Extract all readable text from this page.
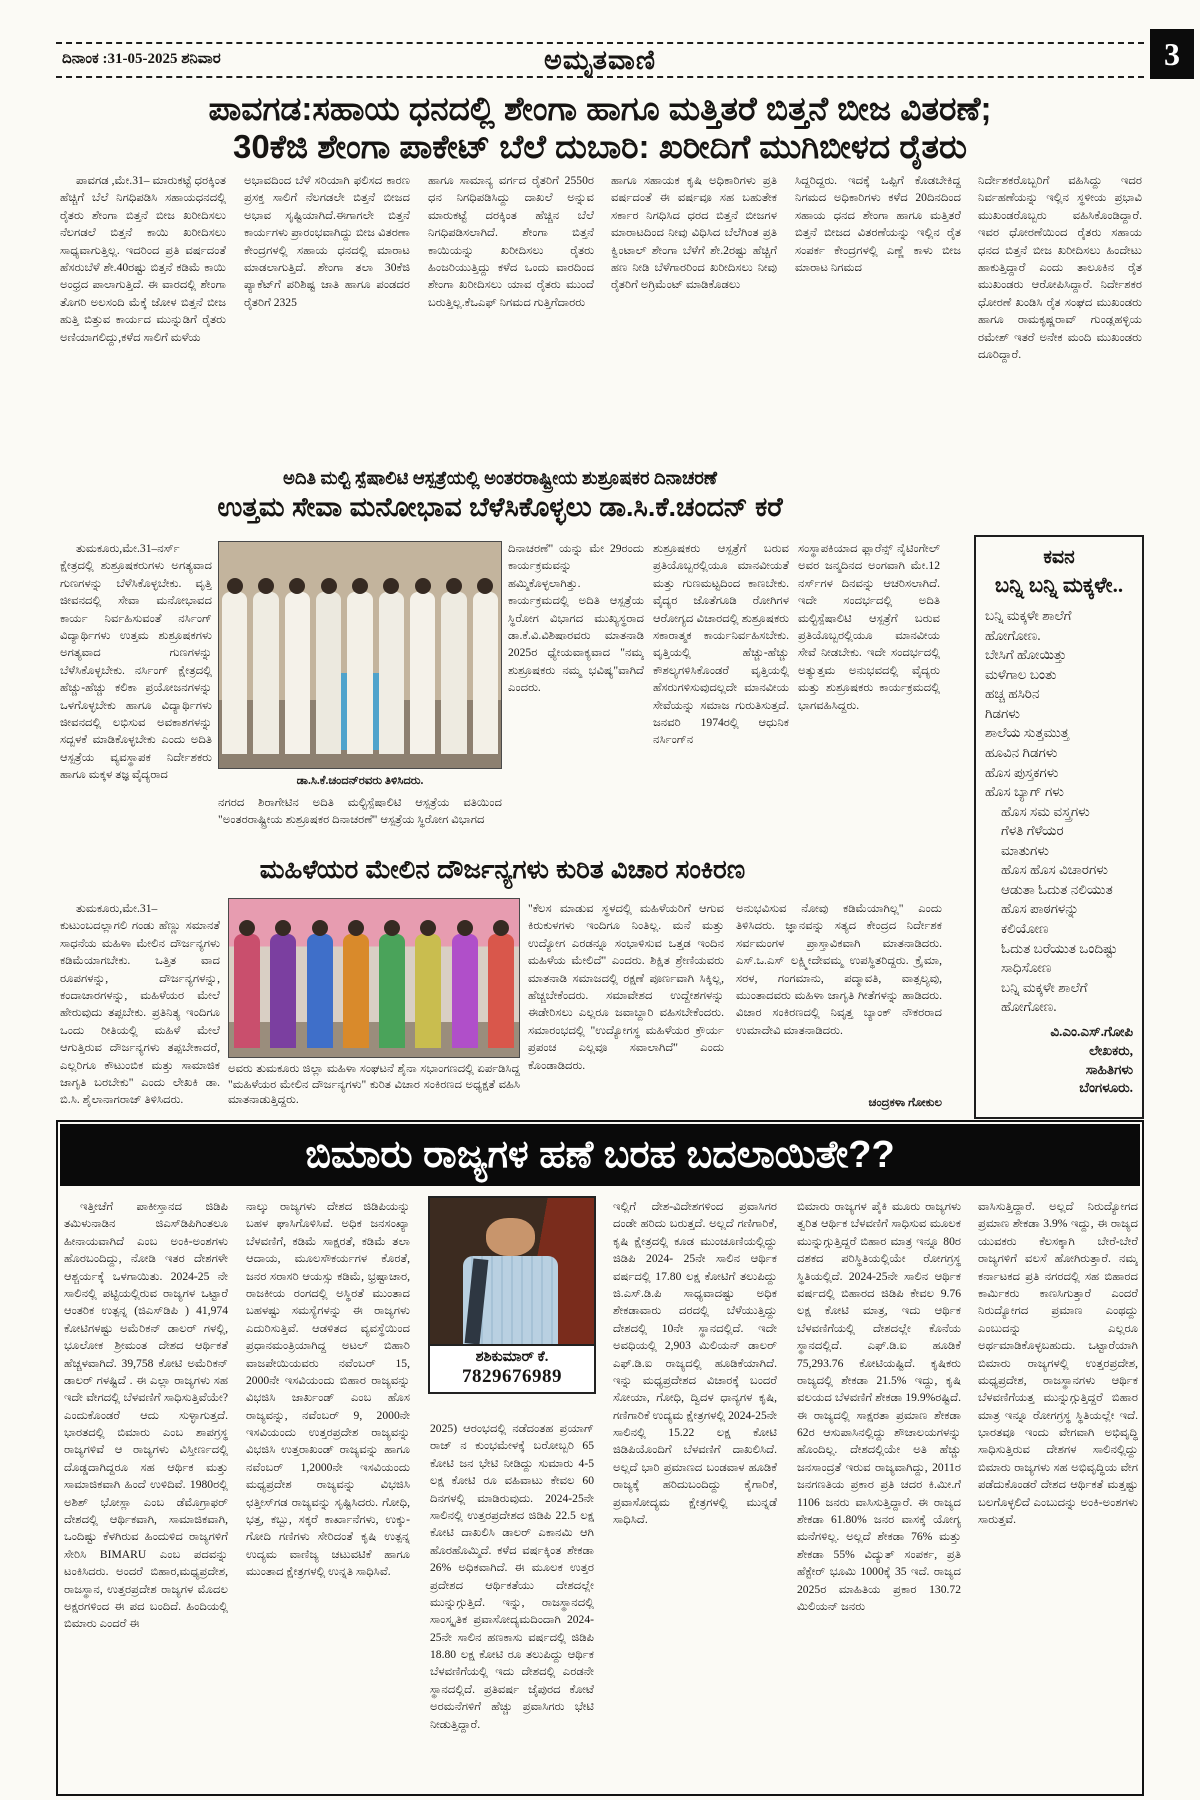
ದಿನಾಂಕ :31-05-2025 ಶನಿವಾರ	ಅಮೃತವಾಣಿ	3
ಪಾವಗಡ:ಸಹಾಯ ಧನದಲ್ಲಿ ಶೇಂಗಾ ಹಾಗೂ ಮತ್ತಿತರೆ ಬಿತ್ತನೆ ಬೀಜ ವಿತರಣೆ;
30ಕೆಜಿ ಶೇಂಗಾ ಪಾಕೇಟ್ ಬೆಲೆ ದುಬಾರಿ: ಖರೀದಿಗೆ ಮುಗಿಬೀಳದ ರೈತರು
ಪಾವಗಡ ,ಮೇ.31– ಮಾರುಕಟ್ಟೆ ಧರಕ್ಕಿಂತ ಹೆಚ್ಚಿಗೆ ಬೆಲೆ ನಿಗಧಿಪಡಿಸಿ ಸಹಾಯಧನದಲ್ಲಿ ರೈತರು ಶೇಂಗಾ ಬಿತ್ತನೆ ಬೀಜ ಖರೀದಿಸಲು ನೆಲಗಡಲೆ ಬಿತ್ತನೆ ಕಾಯಿ ಖರೀದಿಸಲು ಸಾಧ್ಯವಾಗುತ್ತಿಲ್ಲ. ಇದರಿಂದ ಪ್ರತಿ ವರ್ಷದಂತೆ ಹೆಸರುಬೆಳೆ ಶೇ.40ರಷ್ಟು ಬಿತ್ತನೆ ಕಡಿಮೆ ಕಾಯಿ ಅಂಧ್ರದ ಪಾಲಾಗುತ್ತಿದೆ. ಈ ವಾರದಲ್ಲಿ ಶೇಂಗಾ ತೊಗರಿ ಅಲಸಂದಿ ಮೆಕ್ಕೆ ಜೋಳ ಬಿತ್ತನೆ ಬೀಜ ಹುತ್ತಿ ಬಿತ್ತುವ ಕಾರ್ಯದ ಮುನ್ನುಡಿಗೆ ರೈತರು ಅಣಿಯಾಗಲಿದ್ದು,ಕಳೆದ ಸಾಲಿಗೆ ಮಳೆಯ
ಅಭಾವದಿಂದ ಬೆಳೆ ಸರಿಯಾಗಿ ಫಲಿಸದ ಕಾರಣ ಪ್ರಸಕ್ತ ಸಾಲಿಗೆ ನೆಲಗಡಲೇ ಬಿತ್ತನೆ ಬೀಜದ ಅಭಾವ ಸೃಷ್ಟಿಯಾಗಿದೆ.ಈಗಾಗಲೇ ಬಿತ್ತನೆ ಕಾರ್ಯಗಳು ಪ್ರಾರಂಭವಾಗಿದ್ದು ಬೀಜ ವಿತರಣಾ ಕೇಂದ್ರಗಳಲ್ಲಿ ಸಹಾಯ ಧನದಲ್ಲಿ ಮಾರಾಟ ಮಾಡಲಾಗುತ್ತಿದೆ. ಶೇಂಗಾ ತಲಾ 30ಕೆಜಿ ಪ್ಯಾಕೆಟ್‌ಗೆ ಪರಿಶಿಷ್ಟ ಜಾತಿ ಹಾಗೂ ಪಂಡದರ ರೈತರಿಗೆ 2325
ಹಾಗೂ ಸಾಮಾನ್ಯ ವರ್ಗದ ರೈತರಿಗೆ 2550ರ ಧನ ನಿಗಧಿಪಡಿಸಿದ್ದು ದಾಖಲೆ ಅನ್ನುವ ಮಾರುಕಟ್ಟೆ ದರಕ್ಕಿಂತ ಹೆಚ್ಚಿನ ಬೆಲೆ ನಿಗಧಿಪಡಿಸಲಾಗಿದೆ. ಶೇಂಗಾ ಬಿತ್ತನೆ ಕಾಯಿಯನ್ನು ಖರೀದಿಸಲು ರೈತರು ಹಿಂಜರಿಯುತ್ತಿದ್ದು ಕಳೆದ ಒಂದು ವಾರದಿಂದ ಶೇಂಗಾ ಖರೀದಿಸಲು ಯಾವ ರೈತರು ಮುಂದೆ ಬರುತ್ತಿಲ್ಲ.ಕೆಒಎಫ್ ನಿಗಮದ ಗುತ್ತಿಗೆದಾರರು
ಹಾಗೂ ಸಹಾಯಕ ಕೃಷಿ ಅಧಿಕಾರಿಗಳು ಪ್ರತಿ ವರ್ಷದಂತೆ ಈ ವರ್ಷವೂ ಸಹ ಬಹುತೇಕ ಸರ್ಕಾರ ನಿಗಧಿಸಿದ ಧರದ ಬಿತ್ತನೆ ಬೀಜಗಳ ಮಾರಾಟದಿಂದ ನೀವು ವಿಧಿಸಿದ ಬೆಲೆಗಿಂತ ಪ್ರತಿ ಕ್ವಿಂಟಾಲ್ ಶೇಂಗಾ ಬೆಳೆಗೆ ಶೇ.2ರಷ್ಟು ಹೆಚ್ಚಿಗೆ ಹಣ ನೀಡಿ ಬೆಳೆಗಾರರಿಂದ ಖರೀದಿಸಲು ನೀವು ರೈತರಿಗೆ ಅಗ್ರಿಮೆಂಟ್ ಮಾಡಿಕೊಡಲು
ಸಿದ್ದರಿದ್ದರು. ಇದಕ್ಕೆ ಒಪ್ಪಿಗೆ ಕೊಡಬೇಕಿದ್ದ ನಿಗಮದ ಅಧಿಕಾರಿಗಳು ಕಳೆದ 20ದಿನದಿಂದ ಸಹಾಯ ಧನದ ಶೇಂಗಾ ಹಾಗೂ ಮತ್ತಿತರೆ ಬಿತ್ತನೆ ಬೀಜದ ವಿತರಣೆಯನ್ನು ಇಲ್ಲಿನ ರೈತ ಸಂಪರ್ಕ ಕೇಂದ್ರಗಳಲ್ಲಿ ಎಣ್ಣೆ ಕಾಳು ಬೀಜ ಮಾರಾಟ ನಿಗಮದ
ನಿರ್ದೇಶಕರೊಬ್ಬರಿಗೆ ವಹಿಸಿದ್ದು ಇದರ ನಿರ್ವಹಣೆಯನ್ನು ಇಲ್ಲಿನ ಸ್ಥಳೀಯ ಪ್ರಭಾವಿ ಮುಖಂಡರೊಬ್ಬರು ವಹಿಸಿಕೊಂಡಿದ್ದಾರೆ. ಇವರ ಧೋರಣೆಯಿಂದ ರೈತರು ಸಹಾಯ ಧನದ ಬಿತ್ತನೆ ಬೀಜ ಖರೀದಿಸಲು ಹಿಂದೇಟು ಹಾಕುತ್ತಿದ್ದಾರೆ ಎಂದು ತಾಲೂಕಿನ ರೈತ ಮುಖಂಡರು ಆರೋಪಿಸಿದ್ದಾರೆ. ನಿರ್ದೇಶಕರ ಧೋರಣೆ ಖಂಡಿಸಿ ರೈತ ಸಂಘದ ಮುಖಂಡರು ಹಾಗೂ ರಾಮಕೃಷ್ಣರಾವ್ ಗುಂಡ್ಲಹಳ್ಳಿಯ ರಮೇಶ್ ಇತರೆ ಅನೇಕ ಮಂದಿ ಮುಖಂಡರು ದೂರಿದ್ದಾರೆ.
ಅದಿತಿ ಮಲ್ಟಿ ಸ್ಪೆಷಾಲಿಟಿ ಆಸ್ಪತ್ರೆಯಲ್ಲಿ ಅಂತರರಾಷ್ಟ್ರೀಯ ಶುಶ್ರೂಷಕರ ದಿನಾಚರಣೆ
ಉತ್ತಮ ಸೇವಾ ಮನೋಭಾವ ಬೆಳೆಸಿಕೊಳ್ಳಲು ಡಾ.ಸಿ.ಕೆ.ಚಂದನ್ ಕರೆ
ತುಮಕೂರು,ಮೇ.31–ನರ್ಸ್ ಕ್ಷೇತ್ರದಲ್ಲಿ ಶುಶ್ರೂಷಕರುಗಳು ಅಗತ್ಯವಾದ ಗುಣಗಳನ್ನು ಬೆಳೆಸಿಕೊಳ್ಳಬೇಕು. ವೃತ್ತಿ ಜೀವನದಲ್ಲಿ ಸೇವಾ ಮನೋಭಾವದ ಕಾರ್ಯ ನಿರ್ವಹಿಸುವಂತೆ ನರ್ಸಿಂಗ್ ವಿದ್ಯಾರ್ಥಿಗಳು ಉತ್ತಮ ಶುಶ್ರೂಷಕಗಳು ಅಗತ್ಯವಾದ ಗುಣಗಳನ್ನು ಬೆಳೆಸಿಕೊಳ್ಳಬೇಕು. ನರ್ಸಿಂಗ್ ಕ್ಷೇತ್ರದಲ್ಲಿ ಹೆಚ್ಚು-ಹೆಚ್ಚು ಕಲಿಕಾ ಪ್ರಯೋಜನಗಳನ್ನು ಒಳಗೊಳ್ಳಬೇಕು ಹಾಗೂ ವಿದ್ಯಾರ್ಥಿಗಳು ಜೀವನದಲ್ಲಿ ಲಭಿಸುವ ಅವಕಾಶಗಳನ್ನು ಸದ್ಬಳಕೆ ಮಾಡಿಕೊಳ್ಳಬೇಕು ಎಂದು ಅದಿತಿ ಆಸ್ಪತ್ರೆಯ ವ್ಯವಸ್ಥಾಪಕ ನಿರ್ದೇಶಕರು ಹಾಗೂ ಮಕ್ಕಳ ತಜ್ಞ ವೈದ್ಯರಾದ	ಡಾ.ಸಿ.ಕೆ.ಚಂದನ್‌ರವರು ತಿಳಿಸಿದರು.
ನಗರದ ಶಿರಾಗೇಟಿನ ಅದಿತಿ ಮಲ್ಟಿಸ್ಪೆಷಾಲಿಟಿ ಆಸ್ಪತ್ರೆಯ ವತಿಯಿಂದ "ಅಂತರರಾಷ್ಟ್ರೀಯ ಶುಶ್ರೂಷಕರ ದಿನಾಚರಣೆ" ಆಸ್ಪತ್ರೆಯ ಸ್ಥಿರೋಗ ವಿಭಾಗದ
ದಿನಾಚರಣೆ" ಯನ್ನು ಮೇ 29ರಂದು ಕಾರ್ಯಕ್ರಮವನ್ನು ಹಮ್ಮಿಕೊಳ್ಳಲಾಗಿತ್ತು. ಕಾರ್ಯಕ್ರಮದಲ್ಲಿ ಅದಿತಿ ಆಸ್ಪತ್ರೆಯ ಸ್ಥಿರೋಗ ವಿಭಾಗದ ಮುಖ್ಯಸ್ಥರಾದ ಡಾ.ಕೆ.ವಿ.ವಿಶಿಷಾರವರು ಮಾತನಾಡಿ 2025ರ ಧ್ಯೇಯವಾಕ್ಯವಾದ "ನಮ್ಮ ಶುಶ್ರೂಷಕರು ನಮ್ಮ ಭವಿಷ್ಯ"ವಾಗಿದೆ ಎಂದರು.
ಶುಶ್ರೂಷಕರು ಆಸ್ಪತ್ರೆಗೆ ಬರುವ ಪ್ರತಿಯೊಬ್ಬರಲ್ಲಿಯೂ ಮಾನವೀಯತೆ ಮತ್ತು ಗುಣಮಟ್ಟದಿಂದ ಕಾಣಬೇಕು. ವೈದ್ಯರ ಜೊತೆಗೂಡಿ ರೋಗಿಗಳ ಆರೋಗ್ಯದ ವಿಚಾರದಲ್ಲಿ ಶುಶ್ರೂಷಕರು ಸಕಾರಾತ್ಮಕ ಕಾರ್ಯನಿರ್ವಹಿಸಬೇಕು. ವೃತ್ತಿಯಲ್ಲಿ ಹೆಚ್ಚು-ಹೆಚ್ಚು ಕೌಶಲ್ಯಗಳಿಸಿಕೊಂಡರೆ ವೃತ್ತಿಯಲ್ಲಿ ಹೆಸರುಗಳಿಸುವುದಲ್ಲದೇ ಮಾನವೀಯ ಸೇವೆಯನ್ನು ಸಮಾಜ ಗುರುತಿಸುತ್ತದೆ. ಜನವರಿ 1974ರಲ್ಲಿ ಆಧುನಿಕ ನರ್ಸಿಂಗ್‌ನ
ಸಂಸ್ಥಾಪಕಿಯಾದ ಫ್ಲಾರೆನ್ಸ್ ನೈಟಿಂಗೇಲ್ ಅವರ ಜನ್ಮದಿನದ ಅಂಗವಾಗಿ ಮೇ.12 ನರ್ಸ್‌ಗಳ ದಿನವನ್ನು ಆಚರಿಸಲಾಗಿದೆ. ಇದೇ ಸಂದರ್ಭದಲ್ಲಿ ಅದಿತಿ ಮಲ್ಟಿಸ್ಪೆಷಾಲಿಟಿ ಆಸ್ಪತ್ರೆಗೆ ಬರುವ ಪ್ರತಿಯೊಬ್ಬರಲ್ಲಿಯೂ ಮಾನವೀಯ ಸೇವೆ ನೀಡಬೇಕು. ಇದೇ ಸಂದರ್ಭದಲ್ಲಿ ಅತ್ಯುತ್ತಮ ಅನುಭವದಲ್ಲಿ ವೈದ್ಯರು ಮತ್ತು ಶುಶ್ರೂಷಕರು ಕಾರ್ಯಕ್ರಮದಲ್ಲಿ ಭಾಗವಹಿಸಿದ್ದರು.
ಕವನ
ಬನ್ನಿ ಬನ್ನಿ ಮಕ್ಕಳೇ..
ಬನ್ನಿ ಮಕ್ಕಳೇ ಶಾಲೆಗೆ
ಹೋಗೋಣ.
ಬೇಸಿಗೆ ಹೋಯಿತ್ತು
ಮಳೆಗಾಲ ಬಂತು
ಹಚ್ಚ ಹಸಿರಿನ
ಗಿಡಗಳು
ಶಾಲೆಯ ಸುತ್ತಮುತ್ತ
ಹೂವಿನ ಗಿಡಗಳು
ಹೊಸ ಪುಸ್ತಕಗಳು
ಹೊಸ ಬ್ಯಾಗ್ ಗಳು
ಹೊಸ ಸಮ ವಸ್ತ್ರಗಳು
ಗೆಳತಿ ಗೆಳೆಯರ
ಮಾತುಗಳು
ಹೊಸ ಹೊಸ ವಿಚಾರಗಳು
ಆಡುತಾ ಓದುತ ನಲಿಯುತ
ಹೊಸ ಪಾಠಗಳನ್ನು
ಕಲಿಯೋಣ
ಓದುತ ಬರೆಯುತ ಒಂದಿಷ್ಟು
ಸಾಧಿಸೋಣ
ಬನ್ನಿ ಮಕ್ಕಳೇ ಶಾಲೆಗೆ
ಹೋಗೋಣ.
ವಿ.ಎಂ.ಎಸ್.ಗೋಪಿ
ಲೇಖಕರು,
ಸಾಹಿತಿಗಳು
ಬೆಂಗಳೂರು.
ಮಹಿಳೆಯರ ಮೇಲಿನ ದೌರ್ಜನ್ಯಗಳು ಕುರಿತ ವಿಚಾರ ಸಂಕಿರಣ
ತುಮಕೂರು,ಮೇ.31– ಕುಟುಂಬದಲ್ಲಾಗಲಿ ಗಂಡು ಹೆಣ್ಣು ಸಮಾನತೆ ಸಾಧನೆಯ ಮಹಿಳಾ ಮೇಲಿನ ದೌರ್ಜನ್ಯಗಳು ಕಡಿಮೆಯಾಗಬೇಕು. ಒತ್ತಿತ ವಾದ ರೂಪಗಳನ್ನು, ದೌರ್ಜನ್ಯಗಳನ್ನು, ಕಂದಾಚಾರಗಳನ್ನು, ಮಹಿಳೆಯರ ಮೇಲೆ ಹೇರುವುದು ತಪ್ಪಬೇಕು. ಪ್ರತಿನಿತ್ಯ ಇಂದಿಗೂ ಒಂದು ರೀತಿಯಲ್ಲಿ ಮಹಿಳೆ ಮೇಲೆ ಆಗುತ್ತಿರುವ ದೌರ್ಜನ್ಯಗಳು ತಪ್ಪಬೇಕಾದರೆ, ಎಲ್ಲರಿಗೂ ಕೌಟುಂಬಿಕ ಮತ್ತು ಸಾಮಾಜಿಕ ಜಾಗೃತಿ ಬರಬೇಕು" ಎಂದು ಲೇಖಕಿ ಡಾ. ಬಿ.ಸಿ. ಶೈಲಾನಾಗರಾಜ್ ತಿಳಿಸಿದರು.
ಅವರು ತುಮಕೂರು ಜಿಲ್ಲಾ ಮಹಿಳಾ ಸಂಘಟನೆ ಶೈನಾ ಸಭಾಂಗಣದಲ್ಲಿ ಏರ್ಪಡಿಸಿದ್ದ "ಮಹಿಳೆಯರ ಮೇಲಿನ ದೌರ್ಜನ್ಯಗಳು" ಕುರಿತ ವಿಚಾರ ಸಂಕಿರಣದ ಅಧ್ಯಕ್ಷತೆ ವಹಿಸಿ ಮಾತನಾಡುತ್ತಿದ್ದರು.
"ಕೆಲಸ ಮಾಡುವ ಸ್ಥಳದಲ್ಲಿ ಮಹಿಳೆಯರಿಗೆ ಆಗುವ ಕಿರುಕುಳಗಳು ಇಂದಿಗೂ ನಿಂತಿಲ್ಲ. ಮನೆ ಮತ್ತು ಉದ್ಯೋಗ ಎರಡನ್ನೂ ಸಂಭಾಳಿಸುವ ಒತ್ತಡ ಇಂದಿನ ಮಹಿಳೆಯ ಮೇಲಿದೆ" ಎಂದರು. ಶಿಕ್ಷಿತ ಶ್ರೇಣಿಯವರು ಮಾತನಾಡಿ ಸಮಾಜದಲ್ಲಿ ರಕ್ಷಣೆ ಪೂರ್ಣವಾಗಿ ಸಿಕ್ಕಿಲ್ಲ, ಹೆಚ್ಚಬೇಕೆಂದರು. ಸಮಾವೇಶದ ಉದ್ದೇಶಗಳನ್ನು ಈಡೇರಿಸಲು ಎಲ್ಲರೂ ಜವಾಬ್ದಾರಿ ವಹಿಸಬೇಕೆಂದರು. ಸಮಾರಂಭದಲ್ಲಿ "ಉದ್ಯೋಗಸ್ಥ ಮಹಿಳೆಯರ ಕ್ರೌರ್ಯ ಪ್ರಪಂಚ ಎಲ್ಲವೂ ಸವಾಲಾಗಿದೆ" ಎಂದು ಕೊಂಡಾಡಿದರು.
ಅನುಭವಿಸುವ ನೋವು ಕಡಿಮೆಯಾಗಿಲ್ಲ" ಎಂದು ತಿಳಿಸಿದರು. ಜ್ಞಾನವನ್ನು ಸತ್ಯದ ಕೇಂದ್ರದ ನಿರ್ದೇಶಕ ಸರ್ವಮಂಗಳ ಪ್ರಾಸ್ತಾವಿಕವಾಗಿ ಮಾತನಾಡಿದರು. ಎಸ್.ಒ.ಎಸ್ ಲಕ್ಷ್ಮೀದೇವಮ್ಮ ಉಪಸ್ಥಿತರಿದ್ದರು. ಕ್ರೈಮಾ, ಸರಳ, ಗಂಗಮಾನು, ಪದ್ಮಾವತಿ, ವಾತ್ಸಲ್ಯವು, ಮುಂತಾದವರು ಮಹಿಳಾ ಜಾಗೃತಿ ಗೀತೆಗಳನ್ನು ಹಾಡಿದರು. ವಿಚಾರ ಸಂಕಿರಣದಲ್ಲಿ ನಿವೃತ್ತ ಬ್ಯಾಂಕ್ ನೌಕರರಾದ ಉಮಾದೇವಿ ಮಾತನಾಡಿದರು.
ಚಂದ್ರಕಳಾ ಗೋಕುಲ
ಬಿಮಾರು ರಾಜ್ಯಗಳ ಹಣೆ ಬರಹ ಬದಲಾಯಿತೇ??
ಇತ್ತೀಚೆಗೆ ಪಾಕೀಸ್ತಾನದ ಜಿಡಿಪಿ ತಮಿಳುನಾಡಿನ ಜಿಎಸ್‌ಡಿಪಿಗಿಂತಲೂ ಹೀನಾಯವಾಗಿದೆ ಎಂಬ ಅಂಕಿ-ಅಂಶಗಳು ಹೊರಬಂದಿದ್ದು, ನೋಡಿ ಇತರ ದೇಶಗಳೇ ಆಶ್ಚರ್ಯಕ್ಕೆ ಒಳಗಾಯಿತು. 2024-25 ನೇ ಸಾಲಿನಲ್ಲಿ ಪಟ್ಟಿಯಲ್ಲಿರುವ ರಾಜ್ಯಗಳ ಒಟ್ಟಾರೆ ಆಂತರಿಕ ಉತ್ಪನ್ನ (ಜಿಎಸ್‌ಡಿಪಿ ) 41,974 ಕೋಟಿಗಳಷ್ಟು ಅಮೆರಿಕನ್ ಡಾಲರ್ ಗಳಲ್ಲಿ, ಭೂಲೋಕ ಶ್ರೀಮಂತ ದೇಶದ ಆರ್ಥಿಕತೆ ಹೆಚ್ಚಳವಾಗಿದೆ. 39,758 ಕೋಟಿ ಅಮೆರಿಕನ್ ಡಾಲರ್ ಗಳಷ್ಟಿದೆ . ಈ ಎಲ್ಲಾ ರಾಜ್ಯಗಳು ಸಹ ಇದೇ ವೇಗದಲ್ಲಿ ಬೆಳವಣಿಗೆ ಸಾಧಿಸುತ್ತಿವೆಯೇ? ಎಂದುಕೊಂಡರೆ ಆದು ಸುಳ್ಳಾಗುತ್ತದೆ. ಭಾರತದಲ್ಲಿ ಬಿಮಾರು ಎಂಬ ಶಾಪಗ್ರಸ್ಥ ರಾಜ್ಯಗಳಿವೆ ಆ ರಾಜ್ಯಗಳು ವಿಸ್ತೀರ್ಣದಲ್ಲಿ ದೊಡ್ಡದಾಗಿದ್ದರೂ ಸಹ ಆರ್ಥಿಕ ಮತ್ತು ಸಾಮಾಜಿಕವಾಗಿ ಹಿಂದೆ ಉಳಿದಿವೆ. 1980ರಲ್ಲಿ ಅಶಿಶ್ ಭೋಸ್ಲಾ ಎಂಬ ಡೆಮೊಗ್ರಾಫರ್ ದೇಶದಲ್ಲಿ ಆರ್ಥಿಕವಾಗಿ, ಸಾಮಾಜಿಕವಾಗಿ, ಒಂದಿಷ್ಟು ಕೆಳಗಿರುವ ಹಿಂದುಳಿದ ರಾಜ್ಯಗಳಿಗೆ ಸೇರಿಸಿ BIMARU ಎಂಬ ಪದವನ್ನು ಟಂಕಿಸಿದರು. ಅಂದರೆ ಬಿಹಾರ,ಮಧ್ಯಪ್ರದೇಶ, ರಾಜಸ್ಥಾನ, ಉತ್ತರಪ್ರದೇಶ ರಾಜ್ಯಗಳ ಮೊದಲ ಅಕ್ಷರಗಳಿಂದ ಈ ಪದ ಬಂದಿದೆ. ಹಿಂದಿಯಲ್ಲಿ ಬಿಮಾರು ಎಂದರೆ ಈ
ನಾಲ್ಕು ರಾಜ್ಯಗಳು ದೇಶದ ಜಿಡಿಪಿಯನ್ನು ಬಹಳ ಘಾಸಿಗೊಳಿಸಿವೆ. ಅಧಿಕ ಜನಸಂಖ್ಯಾ ಬೆಳವಣಿಗೆ, ಕಡಿಮೆ ಸಾಕ್ಷರತೆ, ಕಡಿಮೆ ತಲಾ ಆದಾಯ, ಮೂಲಸೌಕರ್ಯಗಳ ಕೊರತೆ, ಜನರ ಸರಾಸರಿ ಆಯಸ್ಸು ಕಡಿಮೆ, ಭ್ರಷ್ಟಾಚಾರ, ರಾಜಕೀಯ ರಂಗದಲ್ಲಿ ಅಸ್ಥಿರತೆ ಮುಂತಾದ ಬಹಳಷ್ಟು ಸಮಸ್ಯೆಗಳನ್ನು ಈ ರಾಜ್ಯಗಳು ಎದುರಿಸುತ್ತಿವೆ. ಆಡಳಿತದ ವ್ಯವಸ್ಥೆಯಿಂದ ಪ್ರಧಾನಮಂತ್ರಿಯಾಗಿದ್ದ ಅಟಲ್ ಬಿಹಾರಿ ವಾಜಪೇಯಿಯವರು ನವೆಂಬರ್ 15, 2000ನೇ ಇಸವಿಯಂದು ಬಿಹಾರ ರಾಜ್ಯವನ್ನು ವಿಭಜಿಸಿ ಜಾರ್ಖಂಡ್ ಎಂಬ ಹೊಸ ರಾಜ್ಯವನ್ನು, ನವೆಂಬರ್ 9, 2000ನೇ ಇಸವಿಯಂದು ಉತ್ತರಪ್ರದೇಶ ರಾಜ್ಯವನ್ನು ವಿಭಜಿಸಿ ಉತ್ತರಾಖಂಡ್ ರಾಜ್ಯವನ್ನು ಹಾಗೂ ನವೆಂಬರ್ 1,2000ನೇ ಇಸವಿಯಂದು ಮಧ್ಯಪ್ರದೇಶ ರಾಜ್ಯವನ್ನು ವಿಭಜಿಸಿ ಛತ್ತೀಸ್‌ಗಡ ರಾಜ್ಯವನ್ನು ಸೃಷ್ಟಿಸಿದರು. ಗೋಧಿ, ಭತ್ತ, ಕಬ್ಬು, ಸಕ್ಕರೆ ಕಾರ್ಖಾನೆಗಳು, ಉಕ್ಕು-ಗೋದಿ ಗಣಿಗಳು ಸೇರಿದಂತೆ ಕೃಷಿ ಉತ್ಪನ್ನ ಉದ್ಯಮ ವಾಣಿಜ್ಯ ಚಟುವಟಿಕೆ ಹಾಗೂ ಮುಂತಾದ ಕ್ಷೇತ್ರಗಳಲ್ಲಿ ಉನ್ನತಿ ಸಾಧಿಸಿವೆ.
ಶಶಿಕುಮಾರ್ ಕೆ.
7829676989
2025) ಆರಂಭದಲ್ಲಿ ನಡೆದಂತಹ ಪ್ರಯಾಗ್ ರಾಜ್ ನ ಕುಂಭಮೇಳಕ್ಕೆ ಬರೋಬ್ಬರಿ 65 ಕೋಟಿ ಜನ ಭೇಟಿ ನೀಡಿದ್ದು ಸುಮಾರು 4-5 ಲಕ್ಷ ಕೋಟಿ ರೂ ವಹಿವಾಟು ಕೇವಲ 60 ದಿನಗಳಲ್ಲಿ ಮಾಡಿರುವುದು. 2024-25ನೇ ಸಾಲಿನಲ್ಲಿ ಉತ್ತರಪ್ರದೇಶದ ಜಿಡಿಪಿ 22.5 ಲಕ್ಷ ಕೋಟಿ ದಾಖಲಿಸಿ ಡಾಲರ್ ಎಕಾನಮಿ ಆಗಿ ಹೊರಹೊಮ್ಮಿದೆ. ಕಳೆದ ವರ್ಷಕ್ಕಿಂತ ಶೇಕಡಾ 26% ಅಧಿಕವಾಗಿದೆ. ಈ ಮೂಲಕ ಉತ್ತರ ಪ್ರದೇಶದ ಆರ್ಥಿಕತೆಯು ದೇಶದಲ್ಲೇ ಮುನ್ನುಗ್ಗುತ್ತಿದೆ. ಇನ್ನು, ರಾಜಸ್ಥಾನದಲ್ಲಿ ಸಾಂಸ್ಕೃತಿಕ ಪ್ರವಾಸೋದ್ಯಮದಿಂದಾಗಿ 2024-25ನೇ ಸಾಲಿನ ಹಣಕಾಸು ವರ್ಷದಲ್ಲಿ ಜಿಡಿಪಿ 18.80 ಲಕ್ಷ ಕೋಟಿ ರೂ ತಲುಪಿದ್ದು ಆರ್ಥಿಕ ಬೆಳವಣಿಗೆಯಲ್ಲಿ ಇದು ದೇಶದಲ್ಲಿ ಎರಡನೇ ಸ್ಥಾನದಲ್ಲಿದೆ. ಪ್ರತಿವರ್ಷ ಜೈಪುರದ ಕೋಟೆ ಅರಮನೆಗಳಿಗೆ ಹೆಚ್ಚು ಪ್ರವಾಸಿಗರು ಭೇಟಿ ನೀಡುತ್ತಿದ್ದಾರೆ.
ಇಲ್ಲಿಗೆ ದೇಶ-ವಿದೇಶಗಳಿಂದ ಪ್ರವಾಸಿಗರ ದಂಡೇ ಹರಿದು ಬರುತ್ತದೆ. ಅಲ್ಲದೆ ಗಣಿಗಾರಿಕೆ, ಕೃಷಿ ಕ್ಷೇತ್ರದಲ್ಲಿ ಕೂಡ ಮುಂಚೂಣಿಯಲ್ಲಿದ್ದು ಜಿಡಿಪಿ 2024- 25ನೇ ಸಾಲಿನ ಆರ್ಥಿಕ ವರ್ಷದಲ್ಲಿ 17.80 ಲಕ್ಷ ಕೋಟಿಗೆ ತಲುಪಿದ್ದು ಜಿ.ಎಸ್.ಡಿ.ಪಿ ಸಾಧ್ಯವಾದಷ್ಟು ಅಧಿಕ ಶೇಕಡಾವಾರು ದರದಲ್ಲಿ ಬೆಳೆಯುತ್ತಿದ್ದು ದೇಶದಲ್ಲಿ 10ನೇ ಸ್ಥಾನದಲ್ಲಿದೆ. ಇದೇ ಅವಧಿಯಲ್ಲಿ 2,903 ಮಿಲಿಯನ್ ಡಾಲರ್ ಎಫ್.ಡಿ.ಐ ರಾಜ್ಯದಲ್ಲಿ ಹೂಡಿಕೆಯಾಗಿದೆ. ಇನ್ನು ಮಧ್ಯಪ್ರದೇಶದ ವಿಚಾರಕ್ಕೆ ಬಂದರೆ ಸೋಯಾ, ಗೋಧಿ, ದ್ವಿದಳ ಧಾನ್ಯಗಳ ಕೃಷಿ, ಗಣಿಗಾರಿಕೆ ಉದ್ಯಮ ಕ್ಷೇತ್ರಗಳಲ್ಲಿ 2024-25ನೇ ಸಾಲಿನಲ್ಲಿ 15.22 ಲಕ್ಷ ಕೋಟಿ ಜಿಡಿಪಿಯೊಂದಿಗೆ ಬೆಳವಣಿಗೆ ದಾಖಲಿಸಿದೆ. ಅಲ್ಲದೆ ಭಾರಿ ಪ್ರಮಾಣದ ಬಂಡವಾಳ ಹೂಡಿಕೆ ರಾಜ್ಯಕ್ಕೆ ಹರಿದುಬಂದಿದ್ದು ಕೈಗಾರಿಕೆ, ಪ್ರವಾಸೋದ್ಯಮ ಕ್ಷೇತ್ರಗಳಲ್ಲಿ ಮುನ್ನಡೆ ಸಾಧಿಸಿದೆ.
ಬಿಮಾರು ರಾಜ್ಯಗಳ ಪೈಕಿ ಮೂರು ರಾಜ್ಯಗಳು ತ್ವರಿತ ಆರ್ಥಿಕ ಬೆಳವಣಿಗೆ ಸಾಧಿಸುವ ಮೂಲಕ ಮುನ್ನುಗ್ಗುತ್ತಿದ್ದರೆ ಬಿಹಾರ ಮಾತ್ರ ಇನ್ನೂ 80ರ ದಶಕದ ಪರಿಸ್ಥಿತಿಯಲ್ಲಿಯೇ ರೋಗಗ್ರಸ್ಥ ಸ್ಥಿತಿಯಲ್ಲಿದೆ. 2024-25ನೇ ಸಾಲಿನ ಆರ್ಥಿಕ ವರ್ಷದಲ್ಲಿ ಬಿಹಾರದ ಜಿಡಿಪಿ ಕೇವಲ 9.76 ಲಕ್ಷ ಕೋಟಿ ಮಾತ್ರ, ಇದು ಆರ್ಥಿಕ ಬೆಳವಣಿಗೆಯಲ್ಲಿ ದೇಶದಲ್ಲೇ ಕೊನೆಯ ಸ್ಥಾನದಲ್ಲಿದೆ. ಎಫ್.ಡಿ.ಐ ಹೂಡಿಕೆ 75,293.76 ಕೋಟಿಯಷ್ಟಿದೆ. ಕೃಷಿಕರು ರಾಜ್ಯದಲ್ಲಿ ಶೇಕಡಾ 21.5% ಇದ್ದು, ಕೃಷಿ ವಲಯದ ಬೆಳವಣಿಗೆ ಶೇಕಡಾ 19.9%ರಷ್ಟಿದೆ. ಈ ರಾಜ್ಯದಲ್ಲಿ ಸಾಕ್ಷರತಾ ಪ್ರಮಾಣ ಶೇಕಡಾ 62ರ ಆಸುಪಾಸಿನಲ್ಲಿದ್ದು ಶೌಚಾಲಯಗಳನ್ನು ಹೊಂದಿಲ್ಲ. ದೇಶದಲ್ಲಿಯೇ ಅತಿ ಹೆಚ್ಚು ಜನಸಾಂದ್ರತೆ ಇರುವ ರಾಜ್ಯವಾಗಿದ್ದು, 2011ರ ಜನಗಣತಿಯ ಪ್ರಕಾರ ಪ್ರತಿ ಚದರ ಕಿ.ಮೀ.ಗೆ 1106 ಜನರು ವಾಸಿಸುತ್ತಿದ್ದಾರೆ. ಈ ರಾಜ್ಯದ ಶೇಕಡಾ 61.80% ಜನರ ವಾಸಕ್ಕೆ ಯೋಗ್ಯ ಮನೆಗಳಿಲ್ಲ. ಅಲ್ಲದೆ ಶೇಕಡಾ 76% ಮತ್ತು ಶೇಕಡಾ 55% ವಿದ್ಯುತ್ ಸಂಪರ್ಕ, ಪ್ರತಿ ಹೆಕ್ಟೇರ್ ಭೂಮಿ 1000ಕ್ಕೆ 35 ಇದೆ. ರಾಜ್ಯದ 2025ರ ಮಾಹಿತಿಯ ಪ್ರಕಾರ 130.72 ಮಿಲಿಯನ್ ಜನರು
ವಾಸಿಸುತ್ತಿದ್ದಾರೆ. ಅಲ್ಲದೆ ನಿರುದ್ಯೋಗದ ಪ್ರಮಾಣ ಶೇಕಡಾ 3.9% ಇದ್ದು, ಈ ರಾಜ್ಯದ ಯುವಕರು ಕೆಲಸಕ್ಕಾಗಿ ಬೇರೆ-ಬೇರೆ ರಾಜ್ಯಗಳಿಗೆ ವಲಸೆ ಹೋಗಿರುತ್ತಾರೆ. ನಮ್ಮ ಕರ್ನಾಟಕದ ಪ್ರತಿ ನಗರದಲ್ಲಿ ಸಹ ಬಿಹಾರದ ಕಾರ್ಮಿಕರು ಕಾಣಸಿಗುತ್ತಾರೆ ಎಂದರೆ ನಿರುದ್ಯೋಗದ ಪ್ರಮಾಣ ಎಂಥದ್ದು ಎಂಬುದನ್ನು ಎಲ್ಲರೂ ಅರ್ಥಮಾಡಿಕೊಳ್ಳಬಹುದು. ಒಟ್ಟಾರೆಯಾಗಿ ಬಿಮಾರು ರಾಜ್ಯಗಳಲ್ಲಿ ಉತ್ತರಪ್ರದೇಶ, ಮಧ್ಯಪ್ರದೇಶ, ರಾಜಸ್ಥಾನಗಳು ಆರ್ಥಿಕ ಬೆಳವಣಿಗೆಯತ್ತ ಮುನ್ನುಗ್ಗುತ್ತಿದ್ದರೆ ಬಿಹಾರ ಮಾತ್ರ ಇನ್ನೂ ರೋಗಗ್ರಸ್ಥ ಸ್ಥಿತಿಯಲ್ಲೇ ಇದೆ. ಭಾರತವೂ ಇಂದು ವೇಗವಾಗಿ ಅಭಿವೃದ್ಧಿ ಸಾಧಿಸುತ್ತಿರುವ ದೇಶಗಳ ಸಾಲಿನಲ್ಲಿದ್ದು ಬಿಮಾರು ರಾಜ್ಯಗಳು ಸಹ ಅಭಿವೃದ್ಧಿಯ ವೇಗ ಪಡೆದುಕೊಂಡರೆ ದೇಶದ ಆರ್ಥಿಕತೆ ಮತ್ತಷ್ಟು ಬಲಗೊಳ್ಳಲಿದೆ ಎಂಬುದನ್ನು ಅಂಕಿ-ಅಂಶಗಳು ಸಾರುತ್ತವೆ.
